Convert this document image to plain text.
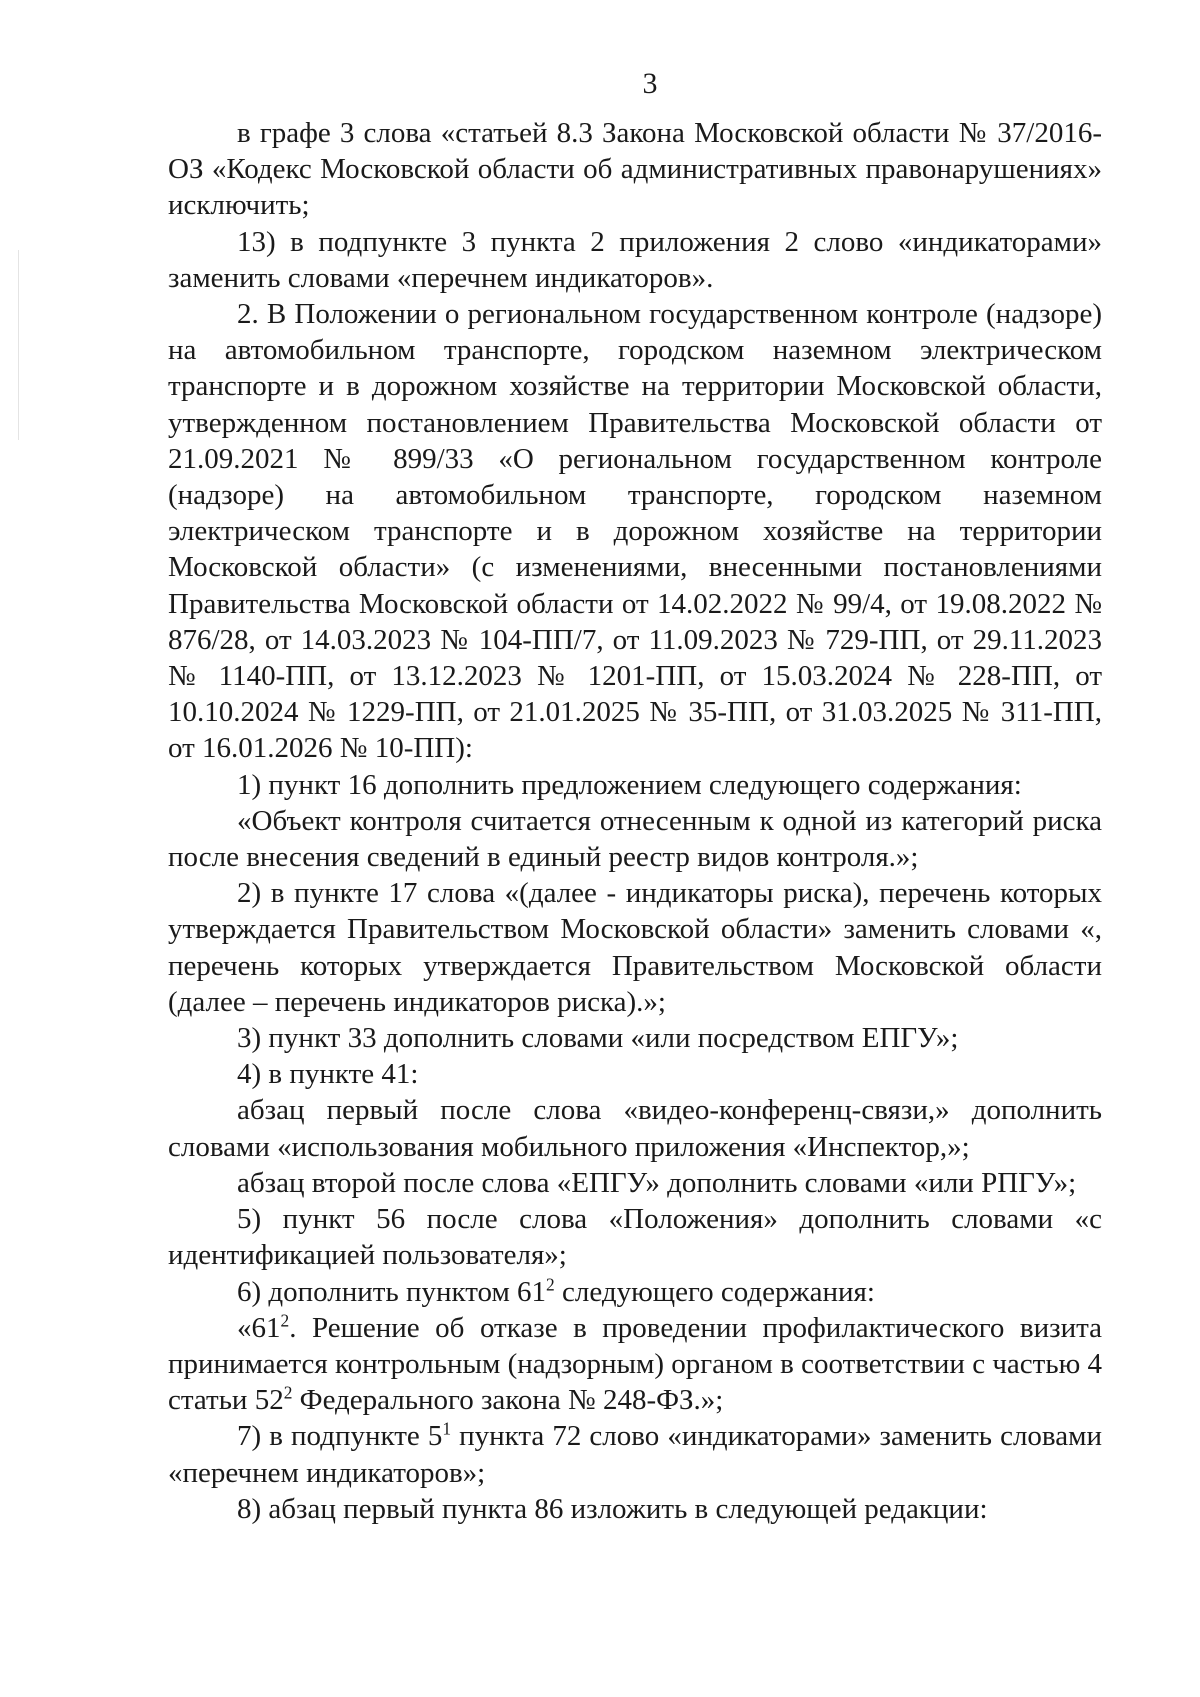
3

в графе 3 слова «статьей 8.3 Закона Московской области № 37/2016-ОЗ «Кодекс Московской области об административных правонарушениях» исключить;

13) в подпункте 3 пункта 2 приложения 2 слово «индикаторами» заменить словами «перечнем индикаторов».

2. В Положении о региональном государственном контроле (надзоре) на автомобильном транспорте, городском наземном электрическом транспорте и в дорожном хозяйстве на территории Московской области, утвержденном постановлением Правительства Московской области от 21.09.2021 № 899/33 «О региональном государственном контроле (надзоре) на автомобильном транспорте, городском наземном электрическом транспорте и в дорожном хозяйстве на территории Московской области» (с изменениями, внесенными постановлениями Правительства Московской области от 14.02.2022 № 99/4, от 19.08.2022 № 876/28, от 14.03.2023 № 104-ПП/7, от 11.09.2023 № 729-ПП, от 29.11.2023 № 1140-ПП, от 13.12.2023 № 1201-ПП, от 15.03.2024 № 228-ПП, от 10.10.2024 № 1229-ПП, от 21.01.2025 № 35-ПП, от 31.03.2025 № 311-ПП, от 16.01.2026 № 10-ПП):

1) пункт 16 дополнить предложением следующего содержания:

«Объект контроля считается отнесенным к одной из категорий риска после внесения сведений в единый реестр видов контроля.»;

2) в пункте 17 слова «(далее - индикаторы риска), перечень которых утверждается Правительством Московской области» заменить словами «, перечень которых утверждается Правительством Московской области (далее – перечень индикаторов риска).»;

3) пункт 33 дополнить словами «или посредством ЕПГУ»;

4) в пункте 41:

абзац первый после слова «видео-конференц-связи,» дополнить словами «использования мобильного приложения «Инспектор,»;

абзац второй после слова «ЕПГУ» дополнить словами «или РПГУ»;

5) пункт 56 после слова «Положения» дополнить словами «с идентификацией пользователя»;

6) дополнить пунктом $61^2$ следующего содержания:

«$61^2$. Решение об отказе в проведении профилактического визита принимается контрольным (надзорным) органом в соответствии с частью 4 статьи $52^2$ Федерального закона № 248-ФЗ.»;

7) в подпункте $5^1$ пункта 72 слово «индикаторами» заменить словами «перечнем индикаторов»;

8) абзац первый пункта 86 изложить в следующей редакции:
